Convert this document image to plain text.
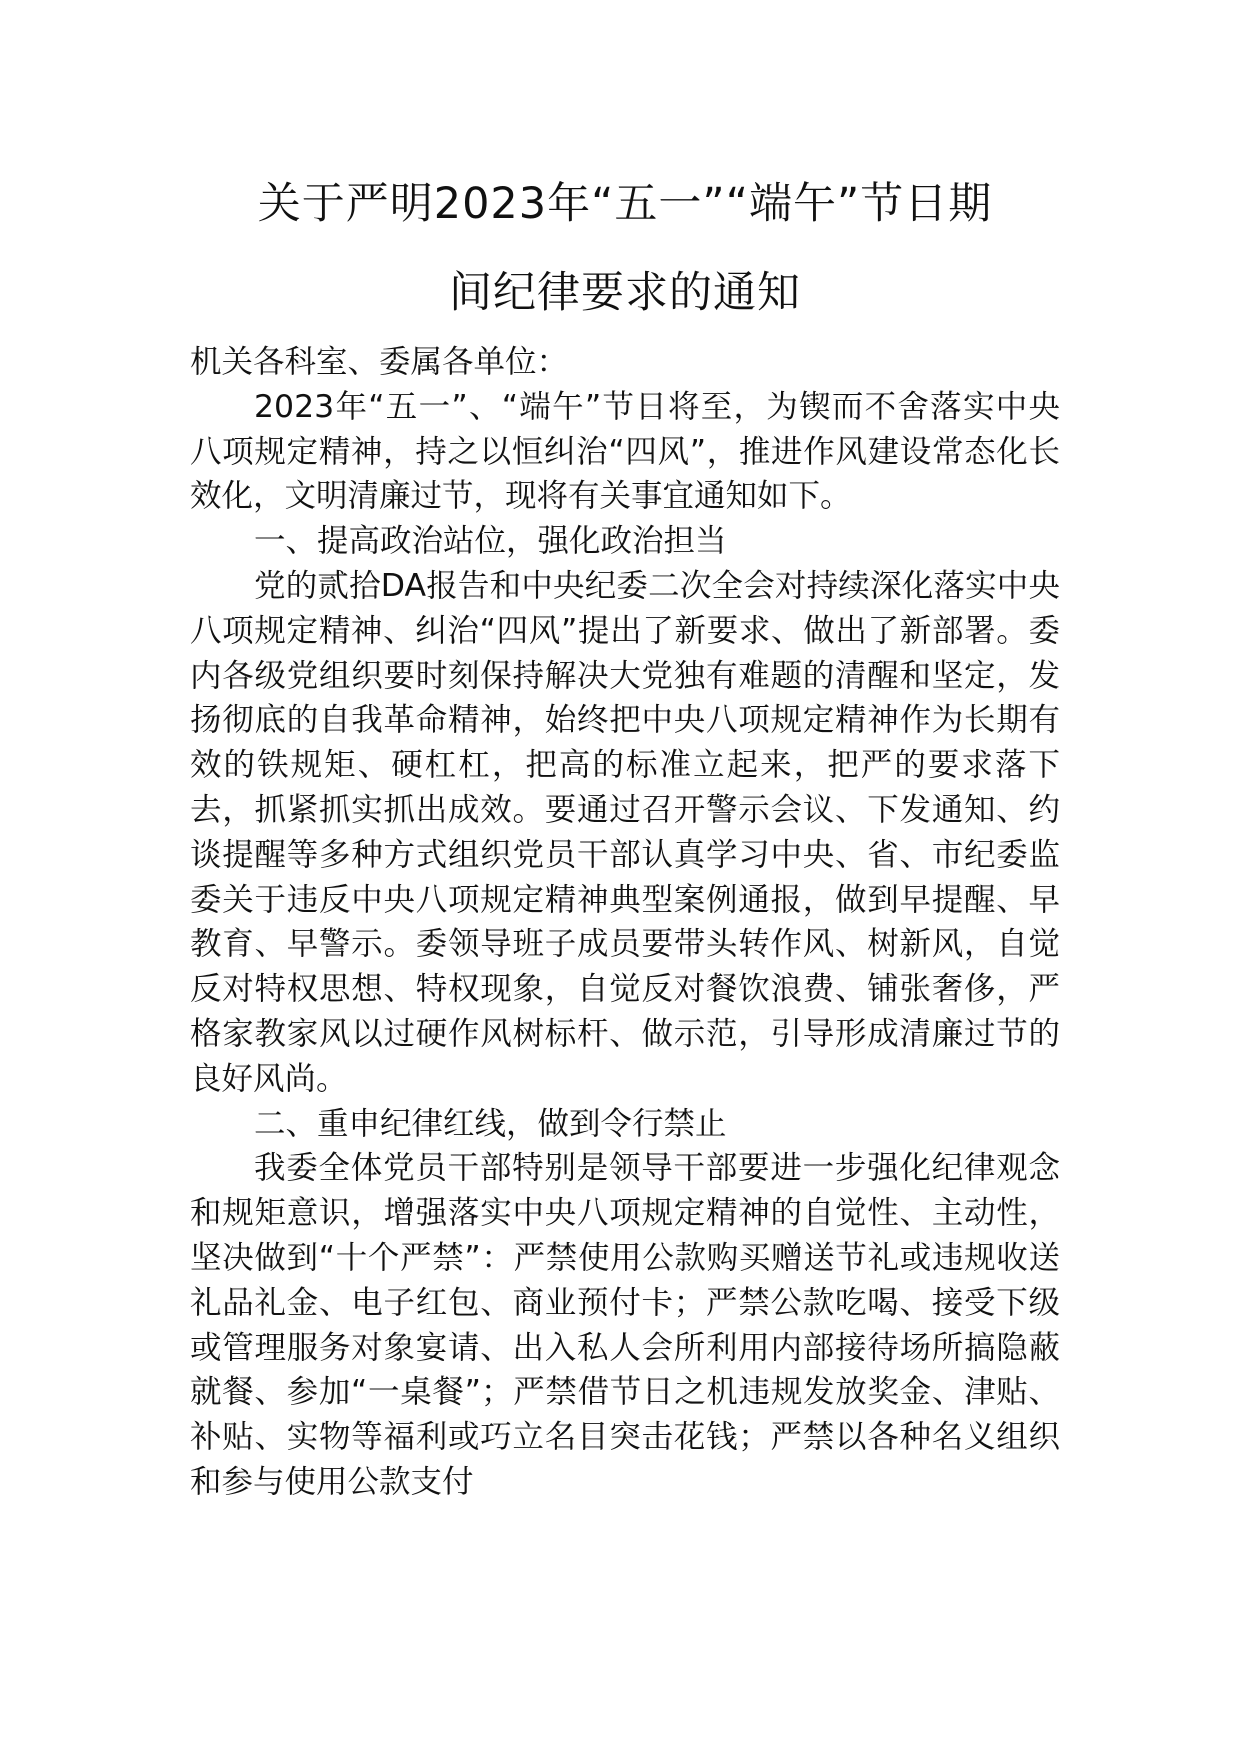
关于严明2023年“五一”“端午”节日期
间纪律要求的通知

机关各科室、委属各单位：

2023年“五一”、“端午”节日将至，为锲而不舍落实中央八项规定精神，持之以恒纠治“四风”，推进作风建设常态化长效化，文明清廉过节，现将有关事宜通知如下。

一、提高政治站位，强化政治担当

党的贰拾DA报告和中央纪委二次全会对持续深化落实中央八项规定精神、纠治“四风”提出了新要求、做出了新部署。委内各级党组织要时刻保持解决大党独有难题的清醒和坚定，发扬彻底的自我革命精神，始终把中央八项规定精神作为长期有效的铁规矩、硬杠杠，把高的标准立起来，把严的要求落下去，抓紧抓实抓出成效。要通过召开警示会议、下发通知、约谈提醒等多种方式组织党员干部认真学习中央、省、市纪委监委关于违反中央八项规定精神典型案例通报，做到早提醒、早教育、早警示。委领导班子成员要带头转作风、树新风，自觉反对特权思想、特权现象，自觉反对餐饮浪费、铺张奢侈，严格家教家风以过硬作风树标杆、做示范，引导形成清廉过节的良好风尚。

二、重申纪律红线，做到令行禁止

我委全体党员干部特别是领导干部要进一步强化纪律观念和规矩意识，增强落实中央八项规定精神的自觉性、主动性，坚决做到“十个严禁”：严禁使用公款购买赠送节礼或违规收送礼品礼金、电子红包、商业预付卡；严禁公款吃喝、接受下级或管理服务对象宴请、出入私人会所利用内部接待场所搞隐蔽就餐、参加“一桌餐”；严禁借节日之机违规发放奖金、津贴、补贴、实物等福利或巧立名目突击花钱；严禁以各种名义组织和参与使用公款支付
